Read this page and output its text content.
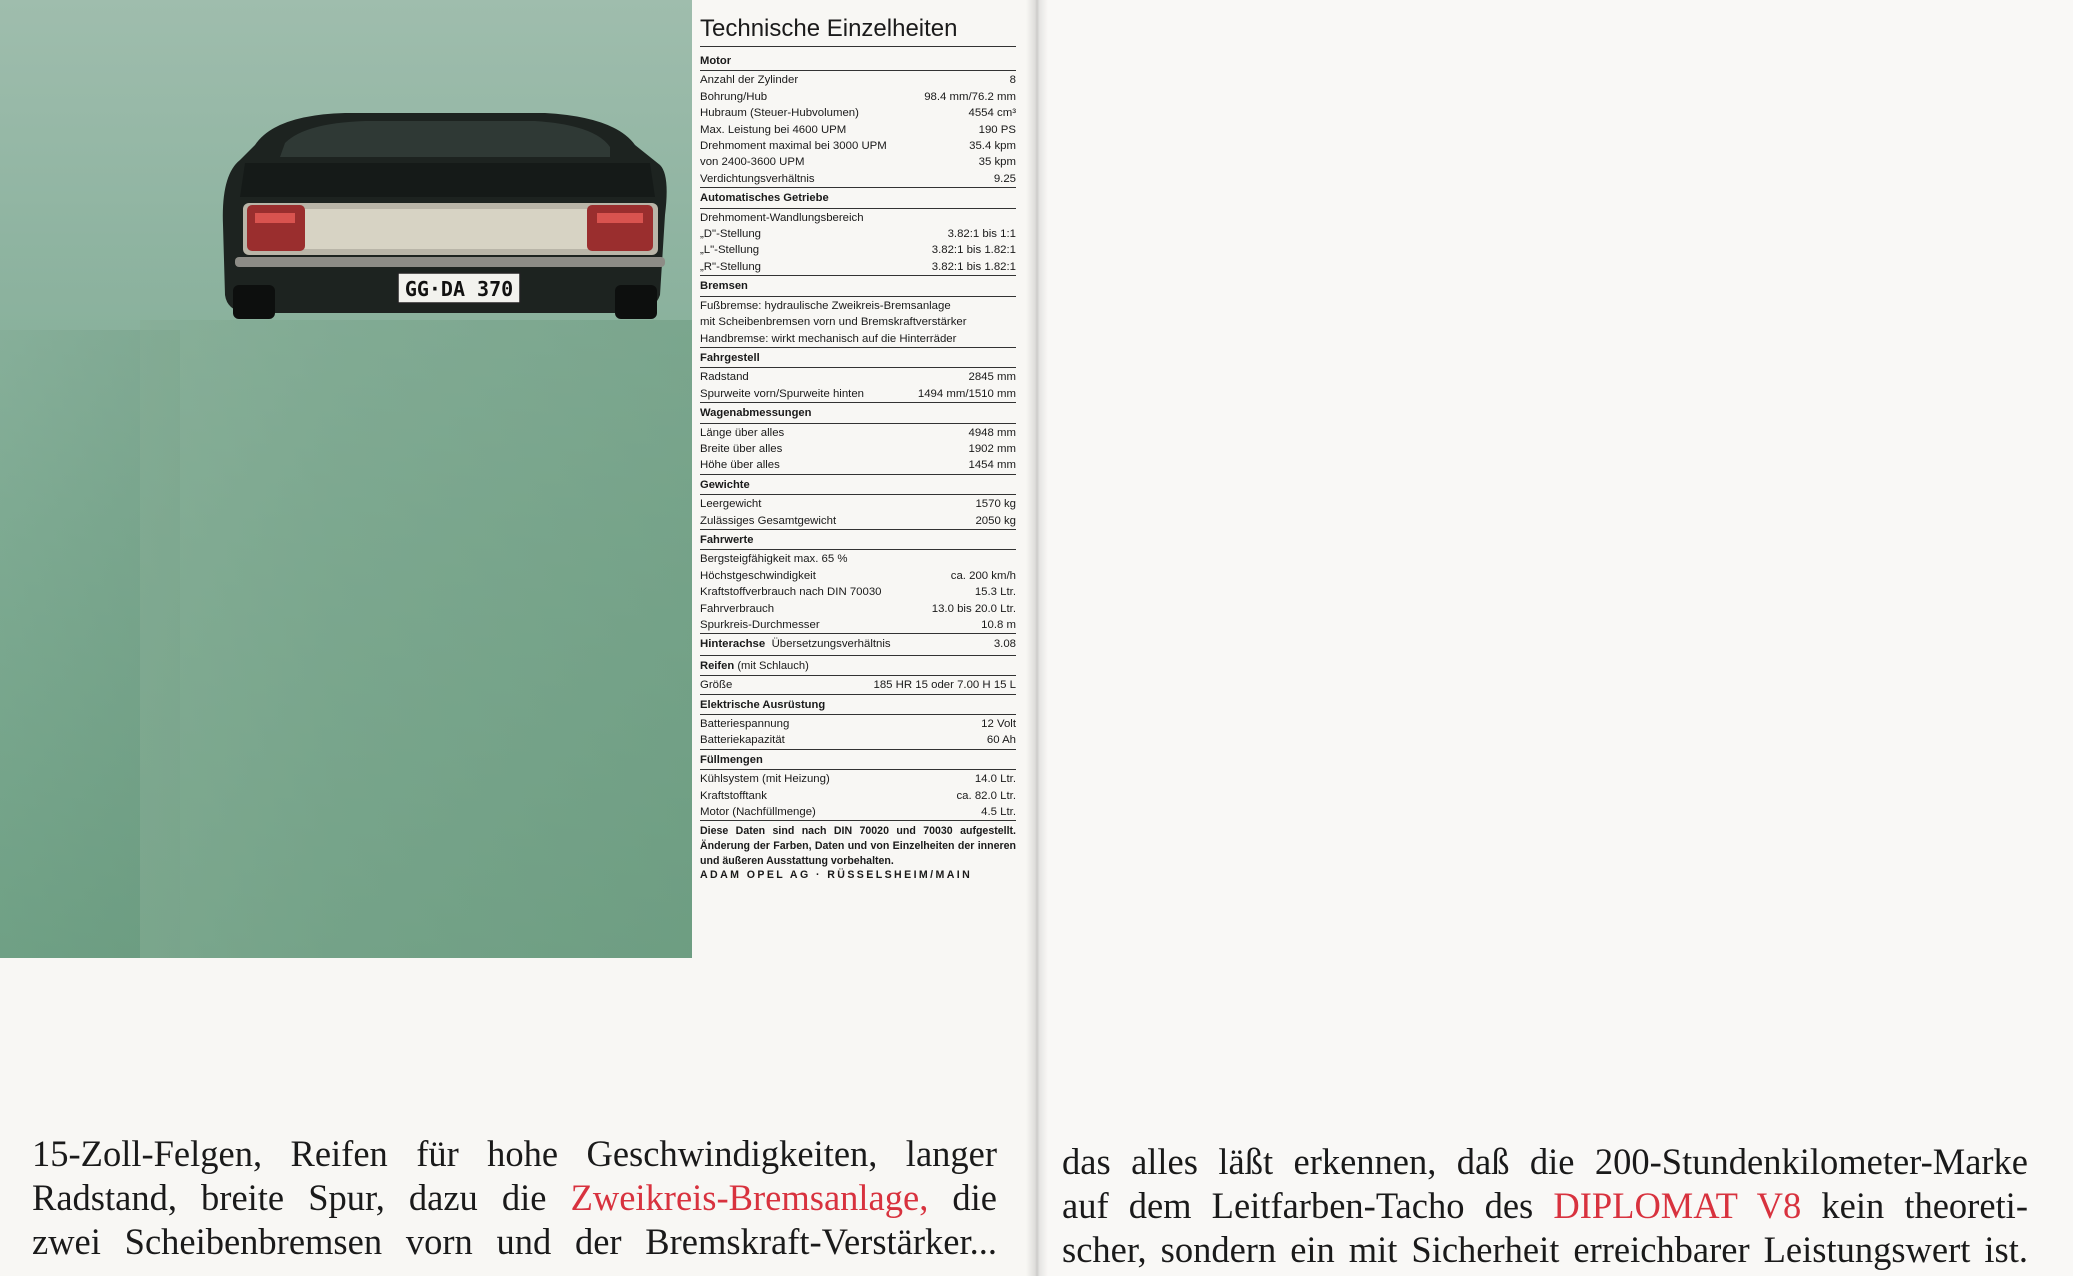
GG·DA 370
Technische Einzelheiten
Motor
Anzahl der Zylinder	8
Bohrung/Hub	98.4 mm/76.2 mm
Hubraum (Steuer-Hubvolumen)	4554 cm³
Max. Leistung bei 4600 UPM	190 PS
Drehmoment maximal bei 3000 UPM	35.4 kpm
von 2400-3600 UPM	35 kpm
Verdichtungsverhältnis	9.25
Automatisches Getriebe
Drehmoment-Wandlungsbereich
„D"-Stellung	3.82:1 bis 1:1
„L"-Stellung	3.82:1 bis 1.82:1
„R"-Stellung	3.82:1 bis 1.82:1
Bremsen
Fußbremse: hydraulische Zweikreis-Bremsanlage
mit Scheibenbremsen vorn und Bremskraftverstärker
Handbremse: wirkt mechanisch auf die Hinterräder
Fahrgestell
Radstand	2845 mm
Spurweite vorn/Spurweite hinten	1494 mm/1510 mm
Wagenabmessungen
Länge über alles	4948 mm
Breite über alles	1902 mm
Höhe über alles	1454 mm
Gewichte
Leergewicht	1570 kg
Zulässiges Gesamtgewicht	2050 kg
Fahrwerte
Bergsteigfähigkeit max. 65 %
Höchstgeschwindigkeit	ca. 200 km/h
Kraftstoffverbrauch nach DIN 70030	15.3 Ltr.
Fahrverbrauch	13.0 bis 20.0 Ltr.
Spurkreis-Durchmesser	10.8 m
Hinterachse Übersetzungsverhältnis	3.08
Reifen (mit Schlauch)
Größe	185 HR 15 oder 7.00 H 15 L
Elektrische Ausrüstung
Batteriespannung	12 Volt
Batteriekapazität	60 Ah
Füllmengen
Kühlsystem (mit Heizung)	14.0 Ltr.
Kraftstofftank	ca. 82.0 Ltr.
Motor (Nachfüllmenge)	4.5 Ltr.
Diese Daten sind nach DIN 70020 und 70030 aufgestellt. Änderung der Farben, Daten und von Einzelheiten der inneren und äußeren Ausstattung vorbehalten.
ADAM OPEL AG · RÜSSELSHEIM/MAIN
15-Zoll-Felgen, Reifen für hohe Geschwindigkeiten, langer
Radstand, breite Spur, dazu die Zweikreis-Bremsanlage, die
zwei Scheibenbremsen vorn und der Bremskraft-Verstärker...
das alles läßt erkennen, daß die 200-Stundenkilometer-Marke
auf dem Leitfarben-Tacho des DIPLOMAT V8 kein theoreti-
scher, sondern ein mit Sicherheit erreichbarer Leistungswert ist.
